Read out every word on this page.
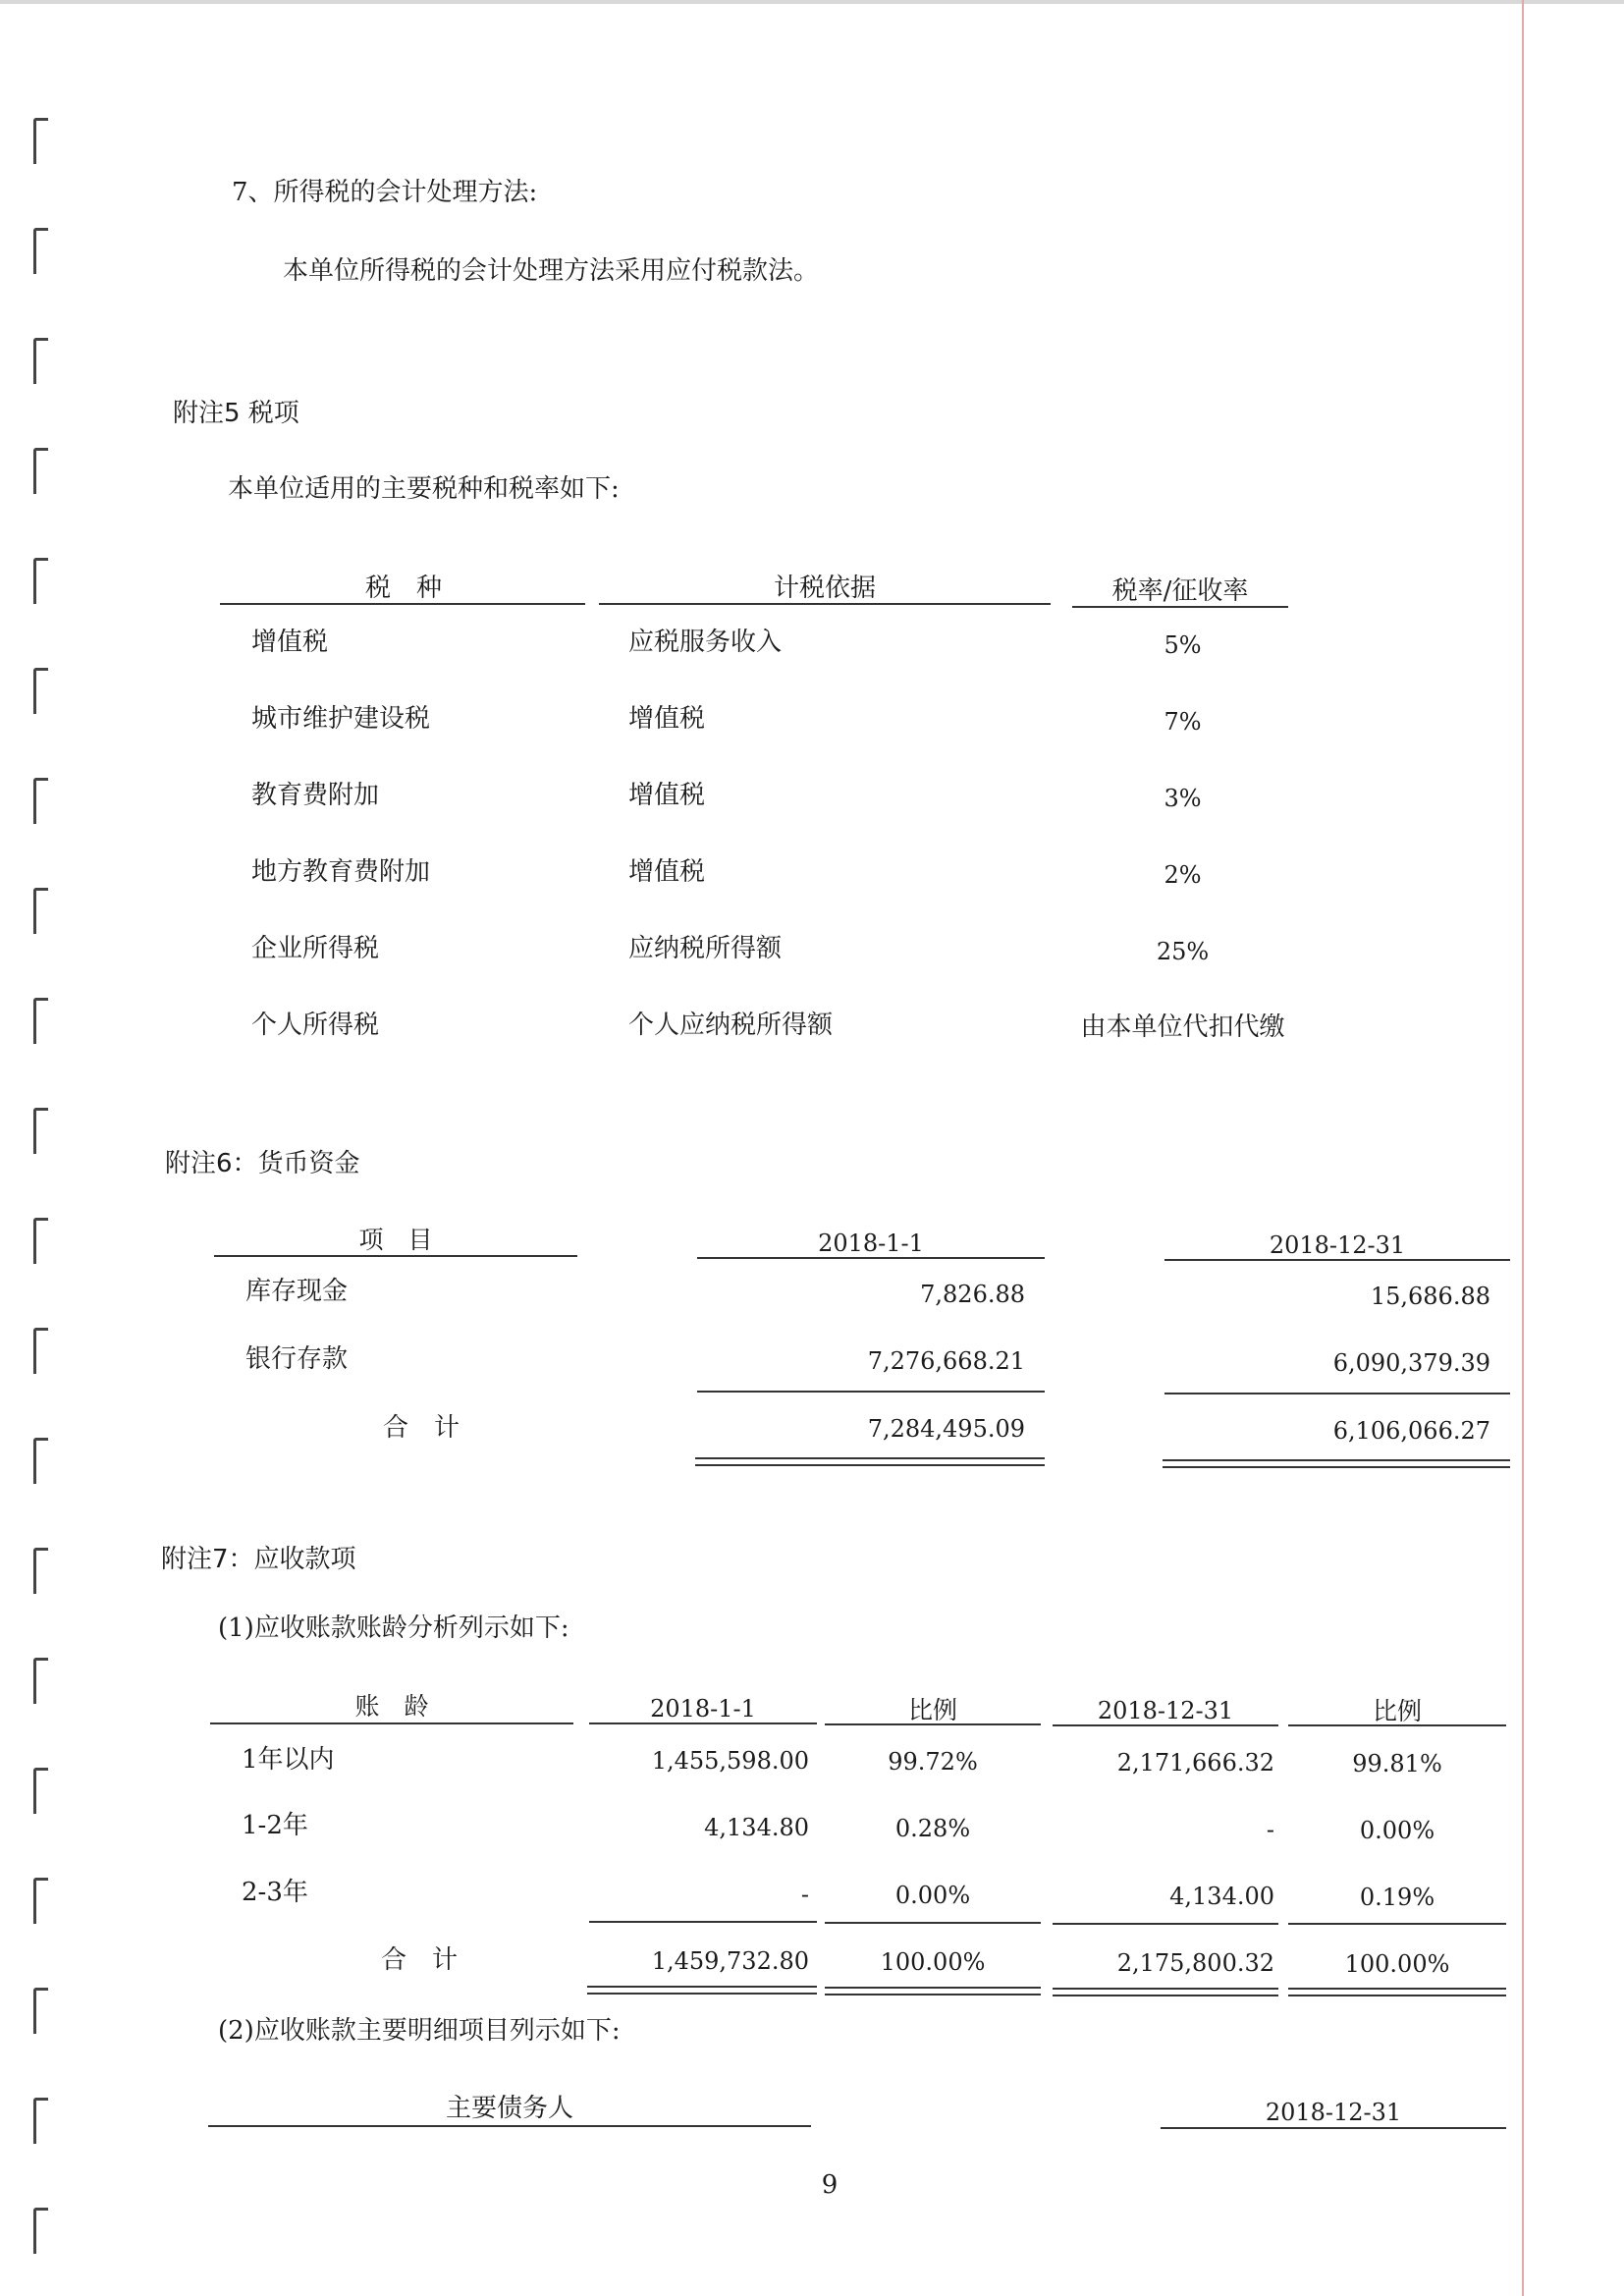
7、所得税的会计处理方法:
本单位所得税的会计处理方法采用应付税款法。
附注5 税项
本单位适用的主要税种和税率如下:
税　种	计税依据	税率/征收率
增值税	应税服务收入	5%
城市维护建设税	增值税	7%
教育费附加	增值税	3%
地方教育费附加	增值税	2%
企业所得税	应纳税所得额	25%
个人所得税	个人应纳税所得额	由本单位代扣代缴
附注6：货币资金
项　目	2018-1-1	2018-12-31
库存现金	7,826.88	15,686.88
银行存款	7,276,668.21	6,090,379.39
合　计	7,284,495.09	6,106,066.27
附注7：应收款项
(1)应收账款账龄分析列示如下:
账　龄	2018-1-1	比例	2018-12-31	比例
1年以内	1,455,598.00	99.72%	2,171,666.32	99.81%
1-2年	4,134.80	0.28%	-	0.00%
2-3年	-	0.00%	4,134.00	0.19%
合　计	1,459,732.80	100.00%	2,175,800.32	100.00%
(2)应收账款主要明细项目列示如下:
主要债务人	2018-12-31
9
